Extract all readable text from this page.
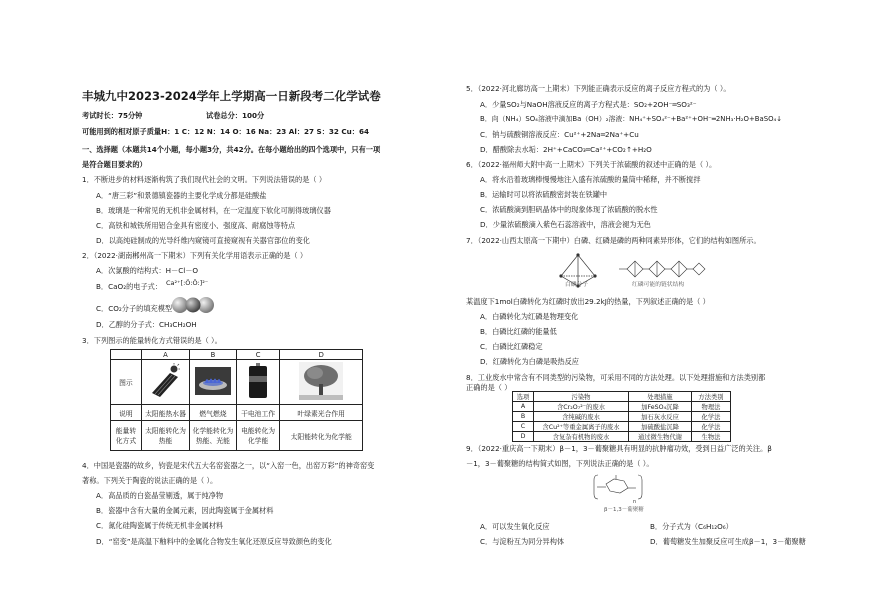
丰城九中2023-2024学年上学期高一日新段考二化学试卷
考试时长：75分钟	试卷总分：100分
可能用到的相对原子质量H：1 C：12 N：14 O：16 Na：23 Al：27 S：32 Cu：64
一、选择题（本题共14个小题，每小题3分，共42分。在每小题给出的四个选项中，只有一项
是符合题目要求的）
1．不断进步的材料逐渐构筑了我们现代社会的文明。下列说法错误的是（ ）
A．“唐三彩”和景德镇瓷器的主要化学成分都是硅酸盐
B．玻璃是一种常见的无机非金属材料，在一定温度下软化可制得玻璃仪器
C．高铁和城铁所用铝合金具有密度小、强度高、耐腐蚀等特点
D．以高纯硅制成的光导纤维内窥镜可直接窥视有关器官部位的变化
2．（2022·湖南郴州高一下期末）下列有关化学用语表示正确的是（ ）
A．次氯酸的结构式：H－Cl－O
B．CaO₂的电子式： Ca²⁺[:Ö:Ö:]²⁻
C．CO₂分子的填充模型
D．乙醇的分子式：CH₃CH₂OH
3．下列图示的能量转化方式错误的是（ ）。
	A	B	C	D
图示				
说明	太阳能热水器	燃气燃烧	干电池工作	叶绿素光合作用
能量转化方式	太阳能转化为热能	化学能转化为热能、光能	电能转化为化学能	太阳能转化为化学能
4．中国是瓷器的故乡，钧瓷是宋代五大名窑瓷器之一，以“入窑一色，出窑万彩”的神奇窑变
著称。下列关于陶瓷的说法正确的是（ ）。
A．高品质的白瓷晶莹剔透，属于纯净物
B．瓷器中含有大量的金属元素，因此陶瓷属于金属材料
C．氮化硅陶瓷属于传统无机非金属材料
D．“窑变”是高温下釉料中的金属化合物发生氧化还原反应导致颜色的变化
5．（2022·河北廊坊高一上期末）下列能正确表示反应的离子反应方程式的为（ ）。
A．少量SO₂与NaOH溶液反应的离子方程式是：SO₂+2OH⁻═SO₃²⁻
B．向（NH₄）SO₄溶液中滴加Ba（OH）₂溶液：NH₄⁺+SO₄²⁻+Ba²⁺+OH⁻═2NH₃·H₂O+BaSO₄↓
C．钠与硫酸铜溶液反应：Cu²⁺+2Na═2Na⁺+Cu
D．醋酸除去水垢：2H⁺+CaCO₃═Ca²⁺+CO₂↑+H₂O
6．（2022·福州师大附中高一上期末）下列关于浓硫酸的叙述中正确的是（ ）。
A．将水沿着玻璃棒慢慢地注入盛有浓硫酸的量筒中稀释，并不断搅拌
B．运输时可以将浓硫酸密封装在铁罐中
C．浓硫酸滴到胆矾晶体中的现象体现了浓硫酸的脱水性
D．少量浓硫酸滴入紫色石蕊溶液中，溶液会褪为无色
7．（2022·山西太原高一下期中）白磷、红磷是磷的两种同素异形体，它们的结构如图所示。
白磷分子	红磷可能的链状结构
某温度下1mol白磷转化为红磷时放出29.2kJ的热量，下列叙述正确的是（ ）
A．白磷转化为红磷是物理变化
B．白磷比红磷的能量低
C．白磷比红磷稳定
D．红磷转化为白磷是吸热反应
8．工业废水中常含有不同类型的污染物，可采用不同的方法处理。以下处理措施和方法类别都
正确的是（ ）
选项	污染物	处理措施	方法类别
A	含Cr₂O₇²⁻的废水	加FeSO₄沉降	物理法
B	含纯碱的废水	加石灰水反应	化学法
C	含Cu²⁺等重金属离子的废水	加硫酸盐沉降	化学法
D	含复杂有机物的废水	通过微生物代谢	生物法
9．（2022·重庆高一下期末）β－1，3－葡聚糖具有明显的抗肿瘤功效，受到日益广泛的关注。β
－1，3－葡聚糖的结构简式如图，下列说法正确的是（ ）。
n
β－1,3－葡聚糖
A．可以发生氧化反应	B．分子式为（C₆H₁₂O₆）
C．与淀粉互为同分异构体	D．葡萄糖发生加聚反应可生成β－1，3－葡聚糖
